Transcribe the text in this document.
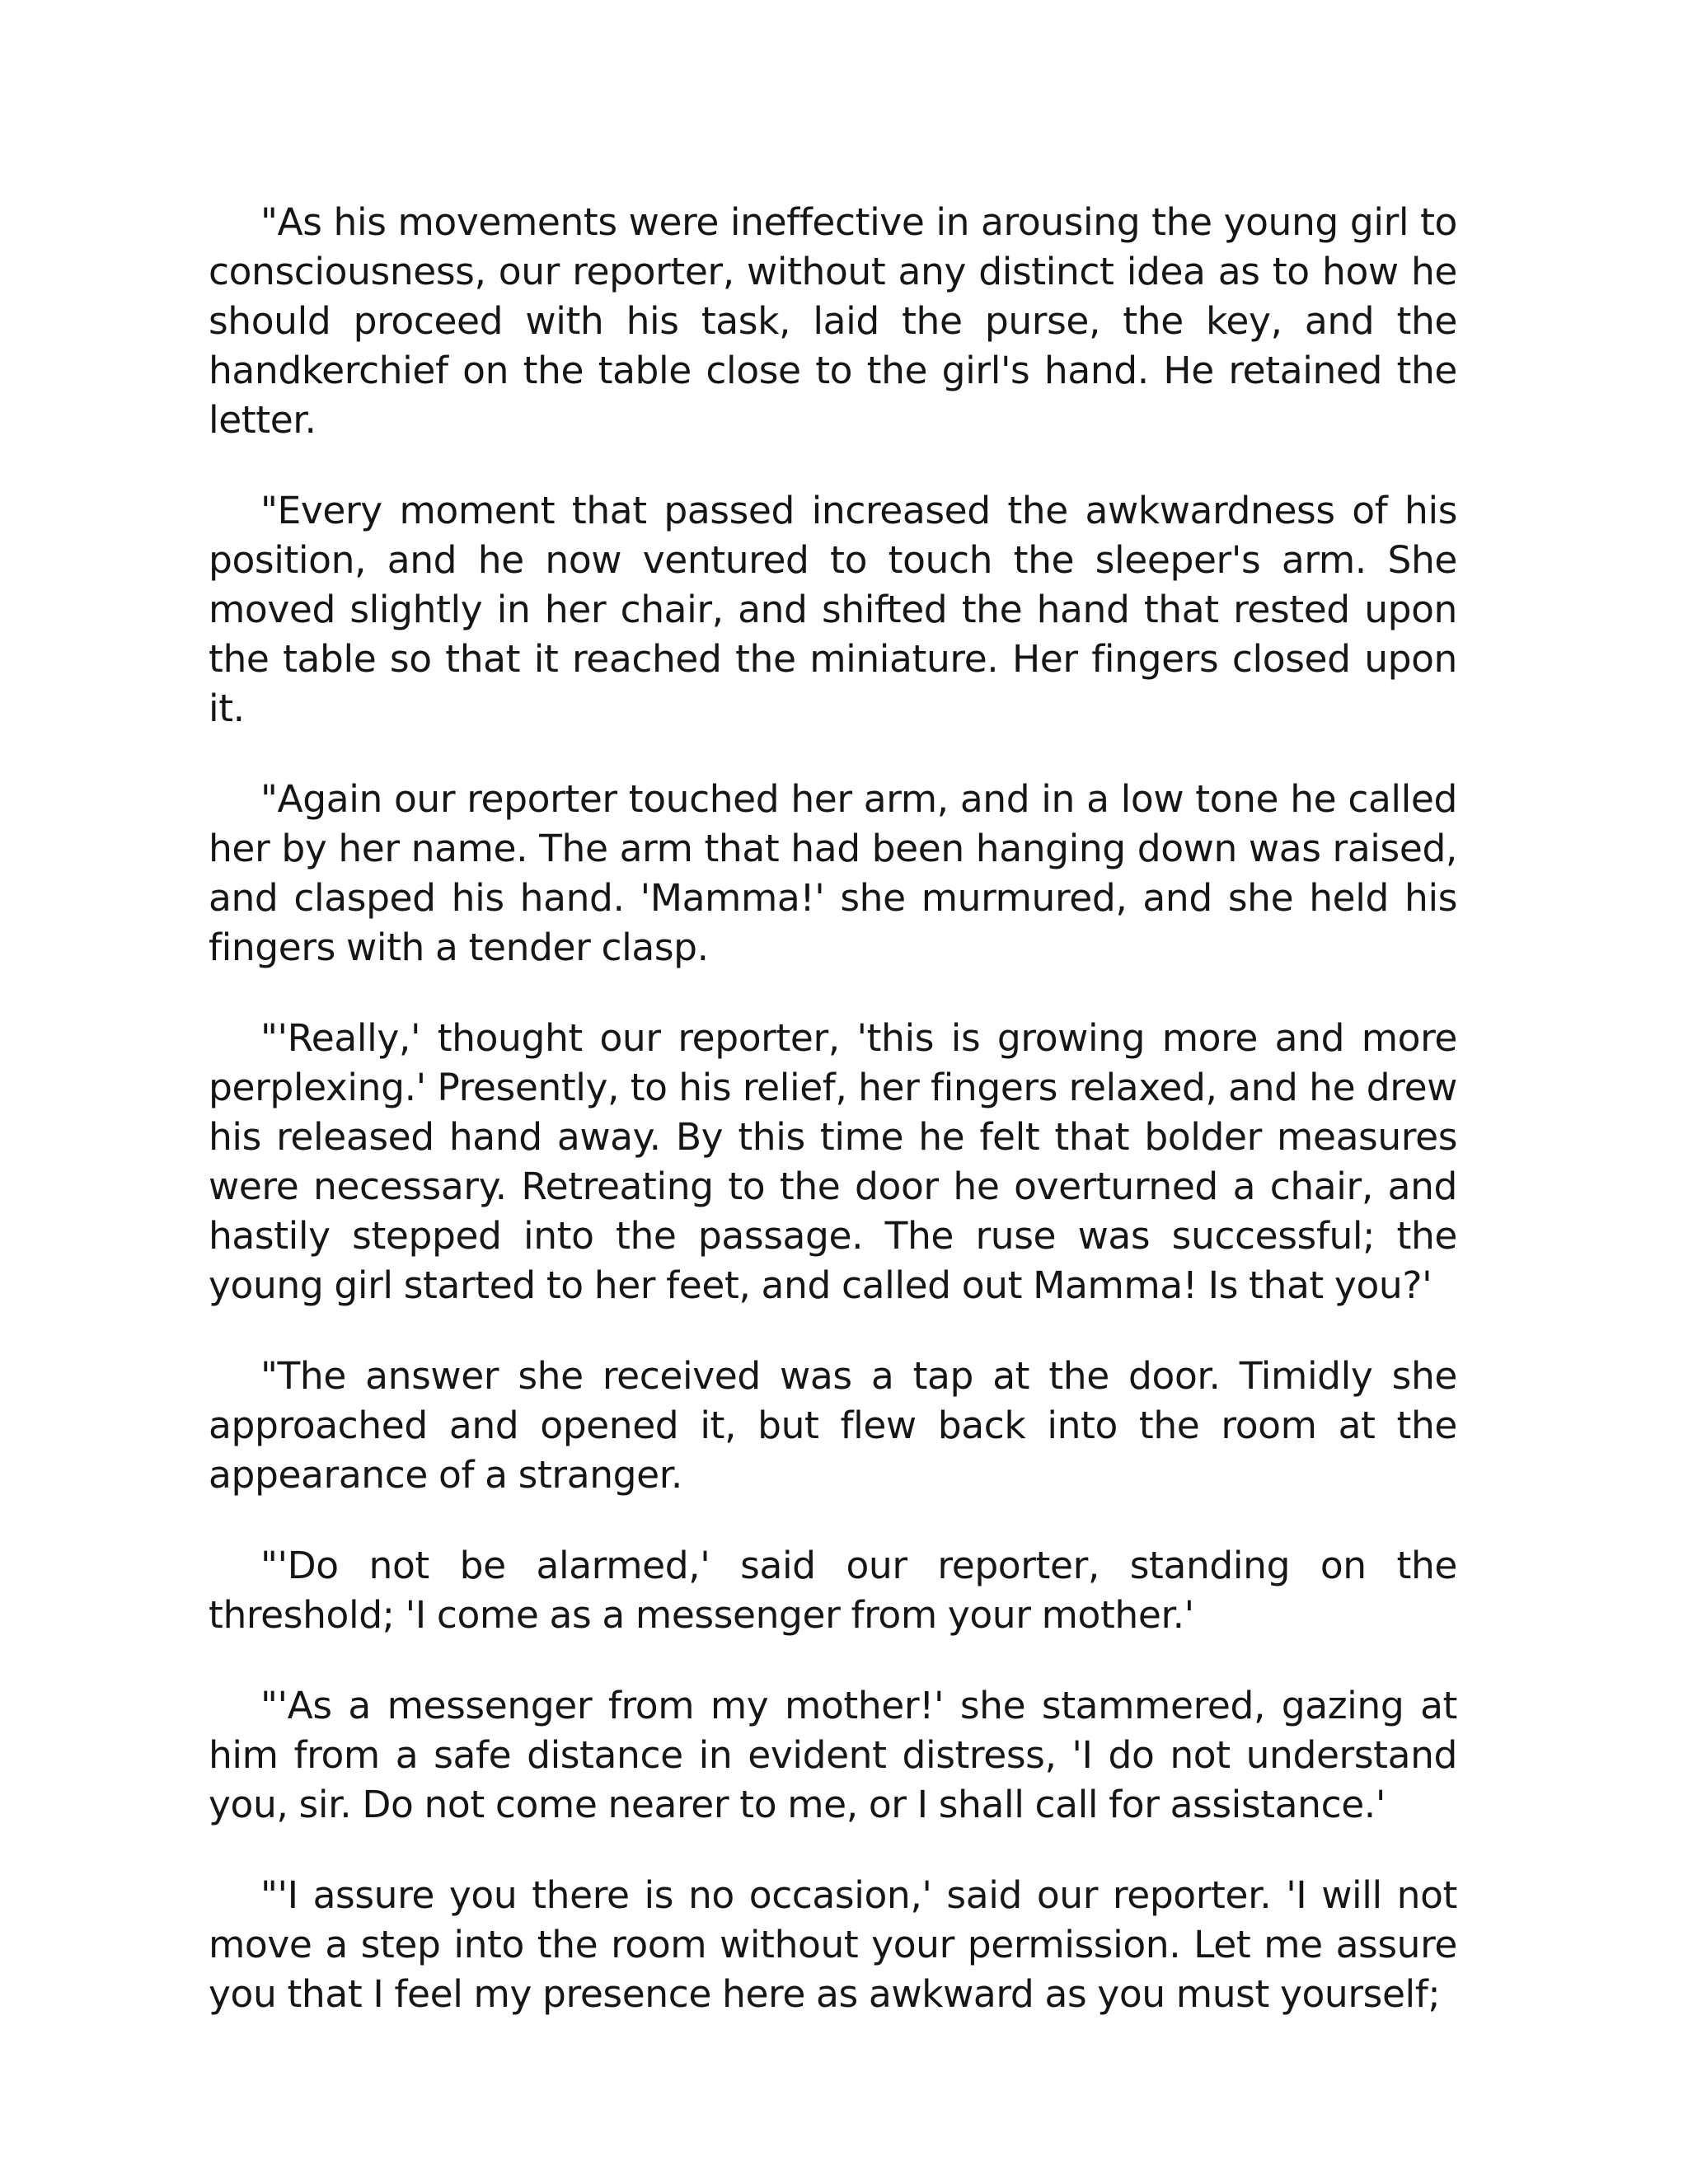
"As his movements were ineffective in arousing the young girl to consciousness, our reporter, without any distinct idea as to how he should proceed with his task, laid the purse, the key, and the handkerchief on the table close to the girl's hand. He retained the letter.

"Every moment that passed increased the awkwardness of his position, and he now ventured to touch the sleeper's arm. She moved slightly in her chair, and shifted the hand that rested upon the table so that it reached the miniature. Her fingers closed upon it.

"Again our reporter touched her arm, and in a low tone he called her by her name. The arm that had been hanging down was raised, and clasped his hand. 'Mamma!' she murmured, and she held his fingers with a tender clasp.

"'Really,' thought our reporter, 'this is growing more and more perplexing.' Presently, to his relief, her fingers relaxed, and he drew his released hand away. By this time he felt that bolder measures were necessary. Retreating to the door he overturned a chair, and hastily stepped into the passage. The ruse was successful; the young girl started to her feet, and called out Mamma! Is that you?'

"The answer she received was a tap at the door. Timidly she approached and opened it, but flew back into the room at the appearance of a stranger.

"'Do not be alarmed,' said our reporter, standing on the threshold; 'I come as a messenger from your mother.'

"'As a messenger from my mother!' she stammered, gazing at him from a safe distance in evident distress, 'I do not understand you, sir. Do not come nearer to me, or I shall call for assistance.'

"'I assure you there is no occasion,' said our reporter. 'I will not move a step into the room without your permission. Let me assure you that I feel my presence here as awkward as you must yourself;
